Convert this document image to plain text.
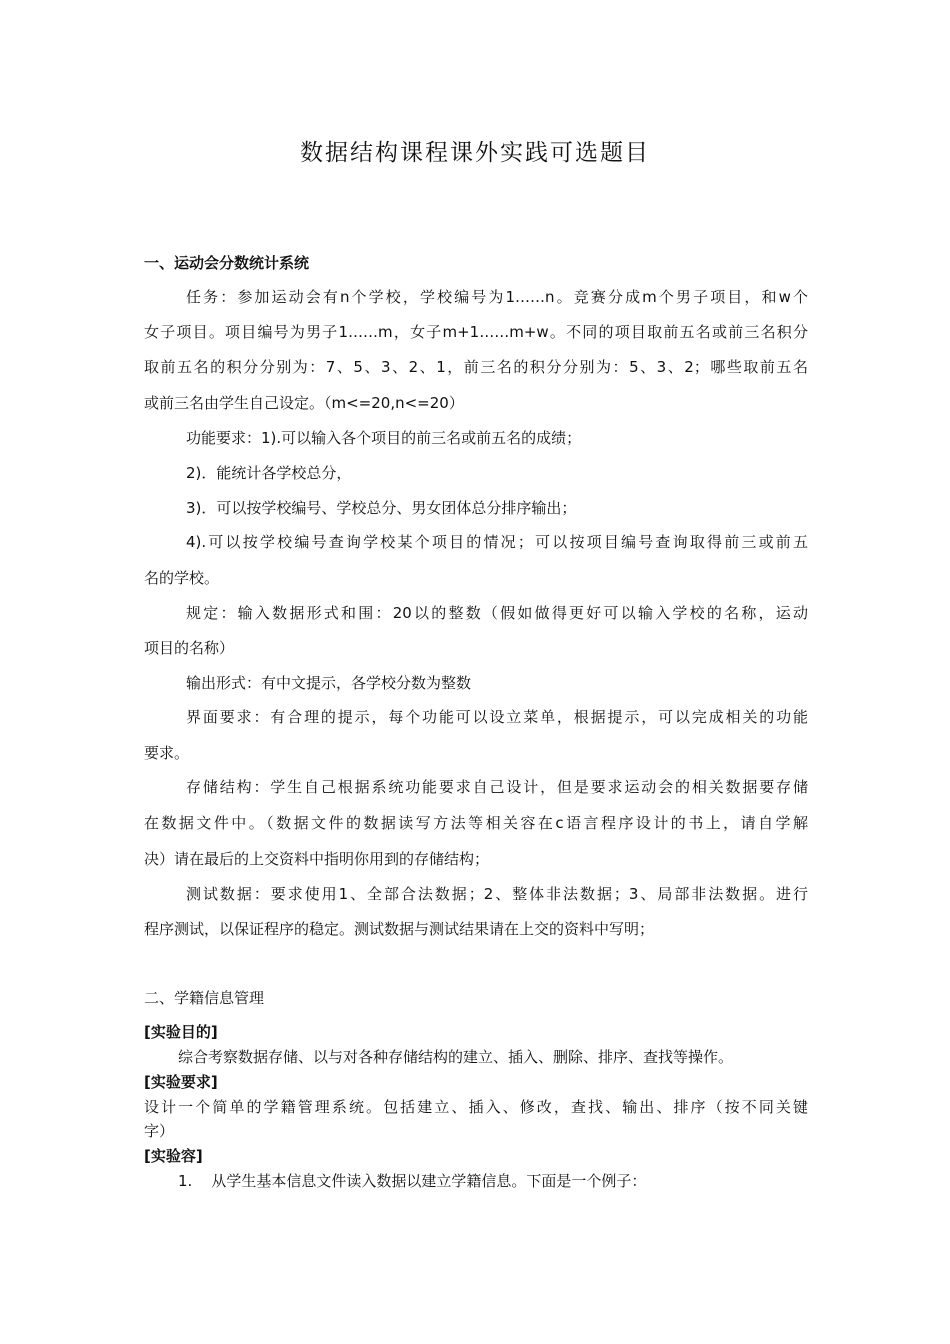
数据结构课程课外实践可选题目
一、运动会分数统计系统
任务：参加运动会有n个学校，学校编号为1……n。竞赛分成m个男子项目，和w个
女子项目。项目编号为男子1……m，女子m+1……m+w。不同的项目取前五名或前三名积分
取前五名的积分分别为：7、5、3、2、1，前三名的积分分别为：5、3、2；哪些取前五名
或前三名由学生自己设定。（m<=20,n<=20）
功能要求：1).可以输入各个项目的前三名或前五名的成绩；
2)．能统计各学校总分，
3)．可以按学校编号、学校总分、男女团体总分排序输出；
4).可以按学校编号查询学校某个项目的情况；可以按项目编号查询取得前三或前五
名的学校。
规定：输入数据形式和围：20以的整数（假如做得更好可以输入学校的名称，运动
项目的名称）
输出形式：有中文提示，各学校分数为整数
界面要求：有合理的提示，每个功能可以设立菜单，根据提示，可以完成相关的功能
要求。
存储结构：学生自己根据系统功能要求自己设计，但是要求运动会的相关数据要存储
在数据文件中。（数据文件的数据读写方法等相关容在c语言程序设计的书上，请自学解
决）请在最后的上交资料中指明你用到的存储结构；
测试数据：要求使用1、全部合法数据；2、整体非法数据；3、局部非法数据。进行
程序测试，以保证程序的稳定。测试数据与测试结果请在上交的资料中写明；
二、学籍信息管理
[实验目的]
综合考察数据存储、以与对各种存储结构的建立、插入、删除、排序、查找等操作。
[实验要求]
设计一个简单的学籍管理系统。包括建立、插入、修改，查找、输出、排序（按不同关键
字）
[实验容]
1.    从学生基本信息文件读入数据以建立学籍信息。下面是一个例子：
